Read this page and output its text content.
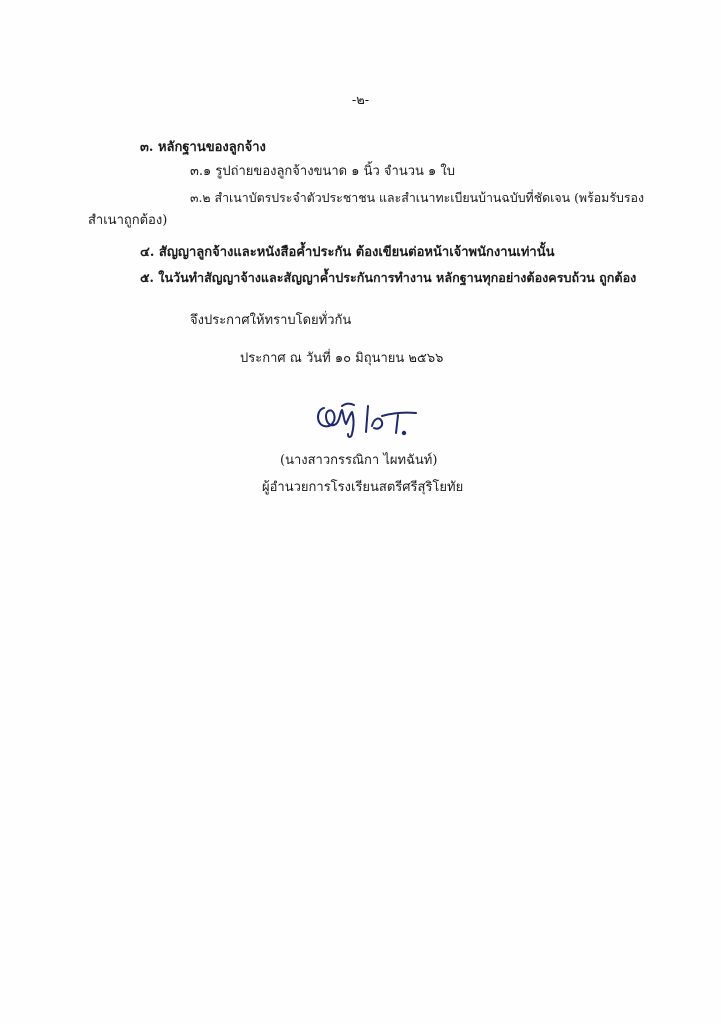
-๒-
๓. หลักฐานของลูกจ้าง
๓.๑ รูปถ่ายของลูกจ้างขนาด ๑ นิ้ว จำนวน ๑ ใบ
๓.๒ สำเนาบัตรประจำตัวประชาชน และสำเนาทะเบียนบ้านฉบับที่ชัดเจน (พร้อมรับรอง
สำเนาถูกต้อง)
๔. สัญญาลูกจ้างและหนังสือค้ำประกัน ต้องเขียนต่อหน้าเจ้าพนักงานเท่านั้น
๕. ในวันทำสัญญาจ้างและสัญญาค้ำประกันการทำงาน หลักฐานทุกอย่างต้องครบถ้วน ถูกต้อง
จึงประกาศให้ทราบโดยทั่วกัน
ประกาศ ณ วันที่ ๑๐ มิถุนายน ๒๕๖๖
(นางสาวกรรณิกา ไผทฉันท์)
ผู้อำนวยการโรงเรียนสตรีศรีสุริโยทัย
